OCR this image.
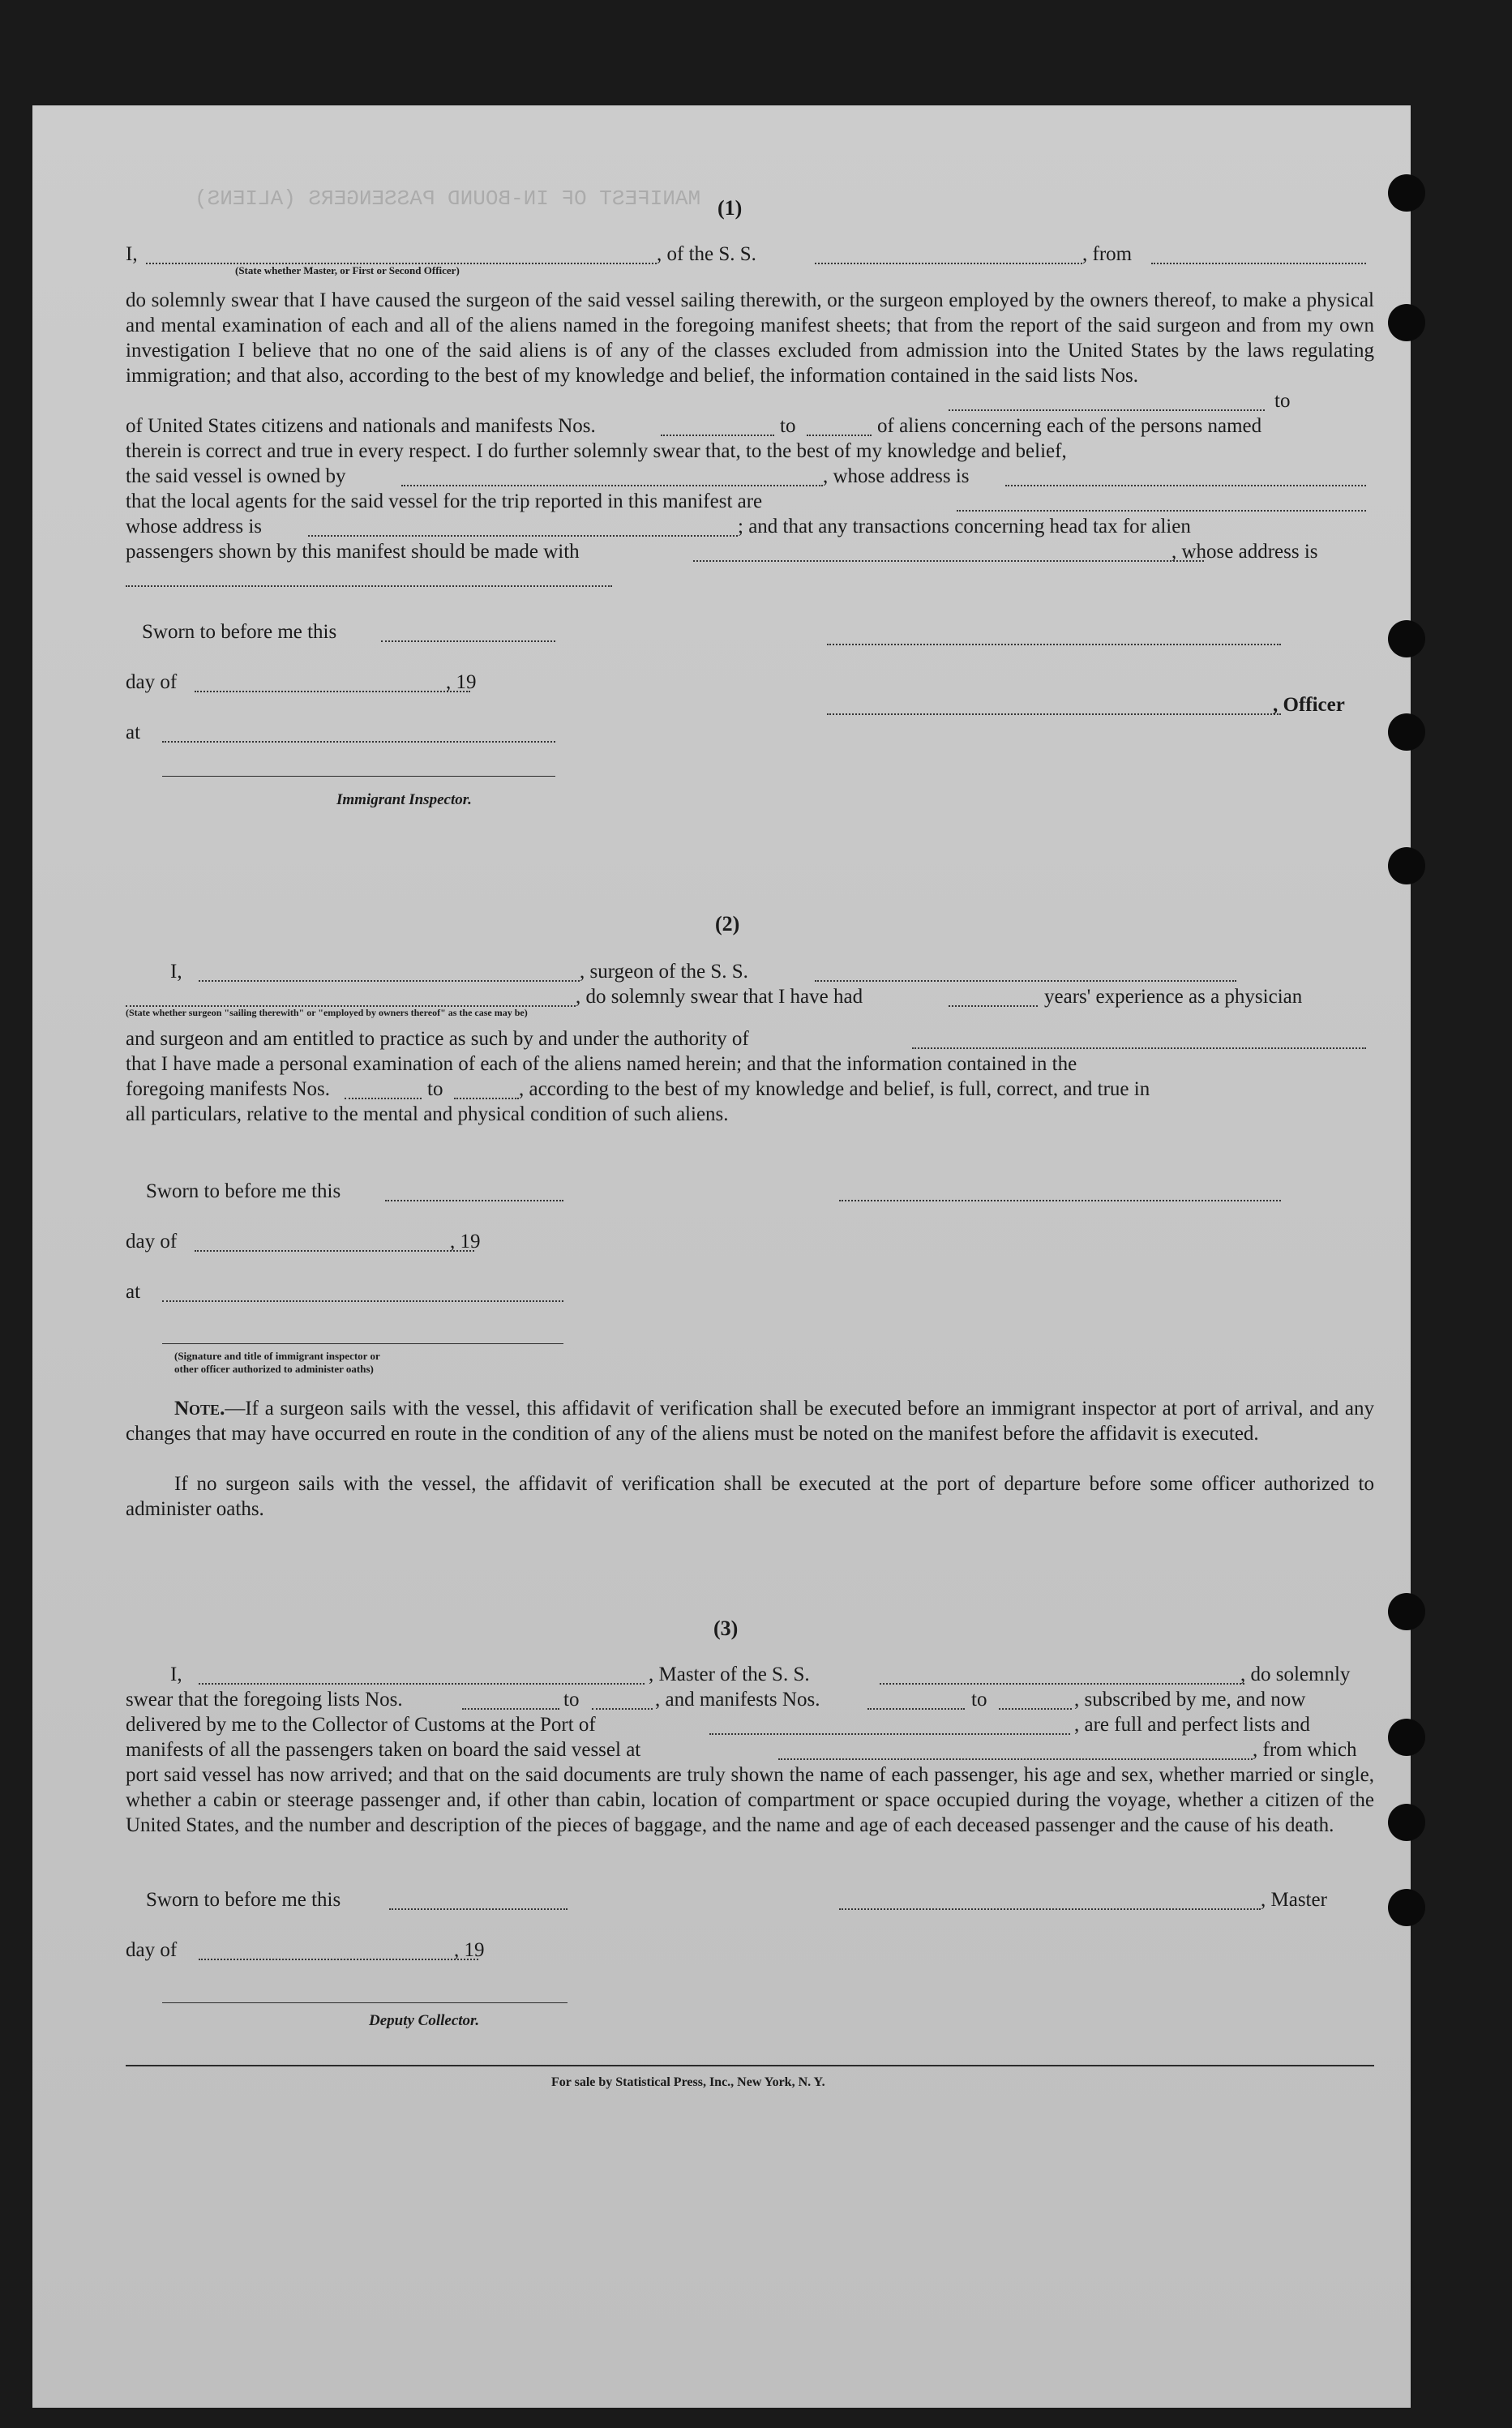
MANIFEST OF IN-BOUND PASSENGERS (ALIENS) (1)
I,	, of the S. S.	, from
(State whether Master, or First or Second Officer)
do solemnly swear that I have caused the surgeon of the said vessel sailing therewith, or the surgeon employed by the owners thereof, to make a physical and mental examination of each and all of the aliens named in the foregoing manifest sheets; that from the report of the said surgeon and from my own investigation I believe that no one of the said aliens is of any of the classes excluded from admission into the United States by the laws regulating immigration; and that also, according to the best of my knowledge and belief, the information contained in the said lists Nos.
of United States citizens and nationals and manifests Nos.	to	of aliens concerning each of the persons named
to
therein is correct and true in every respect. I do further solemnly swear that, to the best of my knowledge and belief,
the said vessel is owned by	, whose address is
that the local agents for the said vessel for the trip reported in this manifest are
whose address is	; and that any transactions concerning head tax for alien
passengers shown by this manifest should be made with	, whose address is
Sworn to before me this
day of	, 19
at
Immigrant Inspector.
, Officer
(2)
I,	, surgeon of the S. S.
, do solemnly swear that I have had	years' experience as a physician
(State whether surgeon "sailing therewith" or "employed by owners thereof" as the case may be)
and surgeon and am entitled to practice as such by and under the authority of
that I have made a personal examination of each of the aliens named herein; and that the information contained in the
foregoing manifests Nos.	to	, according to the best of my knowledge and belief, is full, correct, and true in
all particulars, relative to the mental and physical condition of such aliens.
Sworn to before me this
day of	, 19
at
(Signature and title of immigrant inspector or
other officer authorized to administer oaths)
Note.—If a surgeon sails with the vessel, this affidavit of verification shall be executed before an immigrant inspector at port of arrival, and any changes that may have occurred en route in the condition of any of the aliens must be noted on the manifest before the affidavit is executed.
If no surgeon sails with the vessel, the affidavit of verification shall be executed at the port of departure before some officer authorized to administer oaths.
(3)
I,	, Master of the S. S.	, do solemnly
swear that the foregoing lists Nos.	to	, and manifests Nos.	to	, subscribed by me, and now
delivered by me to the Collector of Customs at the Port of	, are full and perfect lists and
manifests of all the passengers taken on board the said vessel at	, from which
port said vessel has now arrived; and that on the said documents are truly shown the name of each passenger, his age and sex, whether married or single, whether a cabin or steerage passenger and, if other than cabin, location of compartment or space occupied during the voyage, whether a citizen of the United States, and the number and description of the pieces of baggage, and the name and age of each deceased passenger and the cause of his death.
Sworn to before me this	, Master
day of	, 19
Deputy Collector.
For sale by Statistical Press, Inc., New York, N. Y.
